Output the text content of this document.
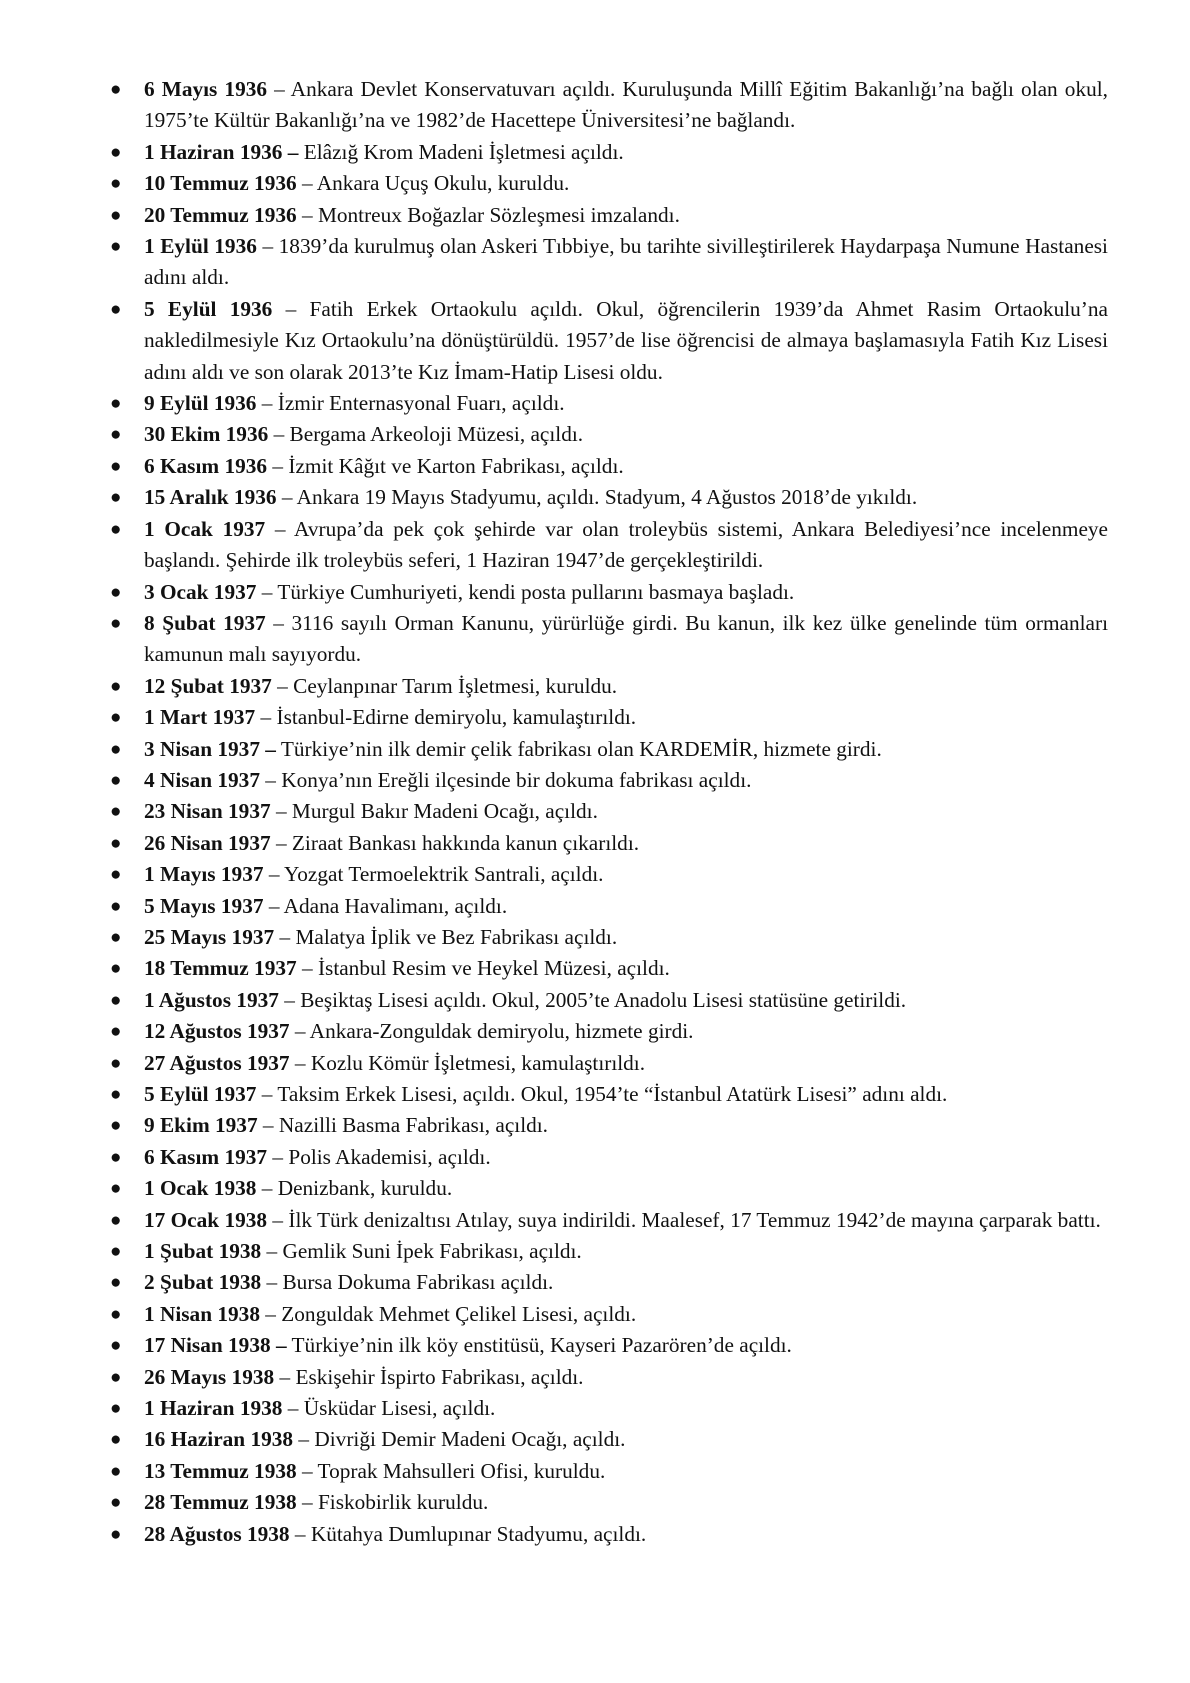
● 6 Mayıs 1936 – Ankara Devlet Konservatuvarı açıldı. Kuruluşunda Millî Eğitim Bakanlığı’na bağlı olan okul, 1975’te Kültür Bakanlığı’na ve 1982’de Hacettepe Üniversitesi’ne bağlandı.
● 1 Haziran 1936 – Elâzığ Krom Madeni İşletmesi açıldı.
● 10 Temmuz 1936 – Ankara Uçuş Okulu, kuruldu.
● 20 Temmuz 1936 – Montreux Boğazlar Sözleşmesi imzalandı.
● 1 Eylül 1936 – 1839’da kurulmuş olan Askeri Tıbbiye, bu tarihte sivilleştirilerek Haydarpaşa Numune Hastanesi adını aldı.
● 5 Eylül 1936 – Fatih Erkek Ortaokulu açıldı. Okul, öğrencilerin 1939’da Ahmet Rasim Ortaokulu’na nakledilmesiyle Kız Ortaokulu’na dönüştürüldü. 1957’de lise öğrencisi de almaya başlamasıyla Fatih Kız Lisesi adını aldı ve son olarak 2013’te Kız İmam-Hatip Lisesi oldu.
● 9 Eylül 1936 – İzmir Enternasyonal Fuarı, açıldı.
● 30 Ekim 1936 – Bergama Arkeoloji Müzesi, açıldı.
● 6 Kasım 1936 – İzmit Kâğıt ve Karton Fabrikası, açıldı.
● 15 Aralık 1936 – Ankara 19 Mayıs Stadyumu, açıldı. Stadyum, 4 Ağustos 2018’de yıkıldı.
● 1 Ocak 1937 – Avrupa’da pek çok şehirde var olan troleybüs sistemi, Ankara Belediyesi’nce incelenmeye başlandı. Şehirde ilk troleybüs seferi, 1 Haziran 1947’de gerçekleştirildi.
● 3 Ocak 1937 – Türkiye Cumhuriyeti, kendi posta pullarını basmaya başladı.
● 8 Şubat 1937 – 3116 sayılı Orman Kanunu, yürürlüğe girdi. Bu kanun, ilk kez ülke genelinde tüm ormanları kamunun malı sayıyordu.
● 12 Şubat 1937 – Ceylanpınar Tarım İşletmesi, kuruldu.
● 1 Mart 1937 – İstanbul-Edirne demiryolu, kamulaştırıldı.
● 3 Nisan 1937 – Türkiye’nin ilk demir çelik fabrikası olan KARDEMİR, hizmete girdi.
● 4 Nisan 1937 – Konya’nın Ereğli ilçesinde bir dokuma fabrikası açıldı.
● 23 Nisan 1937 – Murgul Bakır Madeni Ocağı, açıldı.
● 26 Nisan 1937 – Ziraat Bankası hakkında kanun çıkarıldı.
● 1 Mayıs 1937 – Yozgat Termoelektrik Santrali, açıldı.
● 5 Mayıs 1937 – Adana Havalimanı, açıldı.
● 25 Mayıs 1937 – Malatya İplik ve Bez Fabrikası açıldı.
● 18 Temmuz 1937 – İstanbul Resim ve Heykel Müzesi, açıldı.
● 1 Ağustos 1937 – Beşiktaş Lisesi açıldı. Okul, 2005’te Anadolu Lisesi statüsüne getirildi.
● 12 Ağustos 1937 – Ankara-Zonguldak demiryolu, hizmete girdi.
● 27 Ağustos 1937 – Kozlu Kömür İşletmesi, kamulaştırıldı.
● 5 Eylül 1937 – Taksim Erkek Lisesi, açıldı. Okul, 1954’te “İstanbul Atatürk Lisesi” adını aldı.
● 9 Ekim 1937 – Nazilli Basma Fabrikası, açıldı.
● 6 Kasım 1937 – Polis Akademisi, açıldı.
● 1 Ocak 1938 – Denizbank, kuruldu.
● 17 Ocak 1938 – İlk Türk denizaltısı Atılay, suya indirildi. Maalesef, 17 Temmuz 1942’de mayına çarparak battı.
● 1 Şubat 1938 – Gemlik Suni İpek Fabrikası, açıldı.
● 2 Şubat 1938 – Bursa Dokuma Fabrikası açıldı.
● 1 Nisan 1938 – Zonguldak Mehmet Çelikel Lisesi, açıldı.
● 17 Nisan 1938 – Türkiye’nin ilk köy enstitüsü, Kayseri Pazarören’de açıldı.
● 26 Mayıs 1938 – Eskişehir İspirto Fabrikası, açıldı.
● 1 Haziran 1938 – Üsküdar Lisesi, açıldı.
● 16 Haziran 1938 – Divriği Demir Madeni Ocağı, açıldı.
● 13 Temmuz 1938 – Toprak Mahsulleri Ofisi, kuruldu.
● 28 Temmuz 1938 – Fiskobirlik kuruldu.
● 28 Ağustos 1938 – Kütahya Dumlupınar Stadyumu, açıldı.
